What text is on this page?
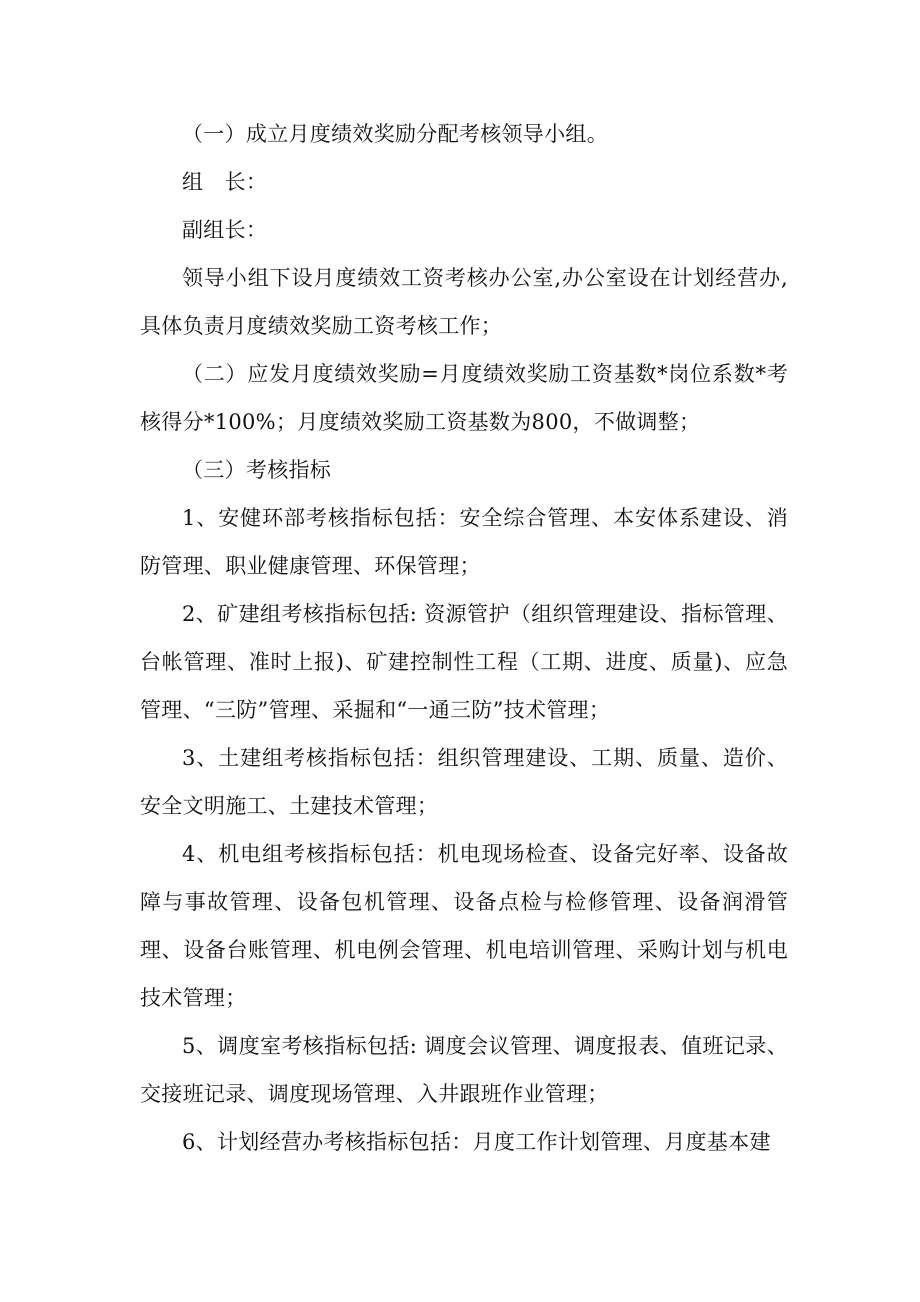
（一）成立月度绩效奖励分配考核领导小组。

组　长：

副组长：

领导小组下设月度绩效工资考核办公室,办公室设在计划经营办,具体负责月度绩效奖励工资考核工作；

（二）应发月度绩效奖励=月度绩效奖励工资基数*岗位系数*考核得分*100%；月度绩效奖励工资基数为800，不做调整；

（三）考核指标

1、安健环部考核指标包括：安全综合管理、本安体系建设、消防管理、职业健康管理、环保管理；

2、矿建组考核指标包括: 资源管护（组织管理建设、指标管理、台帐管理、准时上报)、矿建控制性工程（工期、进度、质量)、应急管理、“三防”管理、采掘和“一通三防”技术管理；

3、土建组考核指标包括：组织管理建设、工期、质量、造价、安全文明施工、土建技术管理；

4、机电组考核指标包括：机电现场检查、设备完好率、设备故障与事故管理、设备包机管理、设备点检与检修管理、设备润滑管理、设备台账管理、机电例会管理、机电培训管理、采购计划与机电技术管理；

5、调度室考核指标包括: 调度会议管理、调度报表、值班记录、交接班记录、调度现场管理、入井跟班作业管理；

6、计划经营办考核指标包括：月度工作计划管理、月度基本建
